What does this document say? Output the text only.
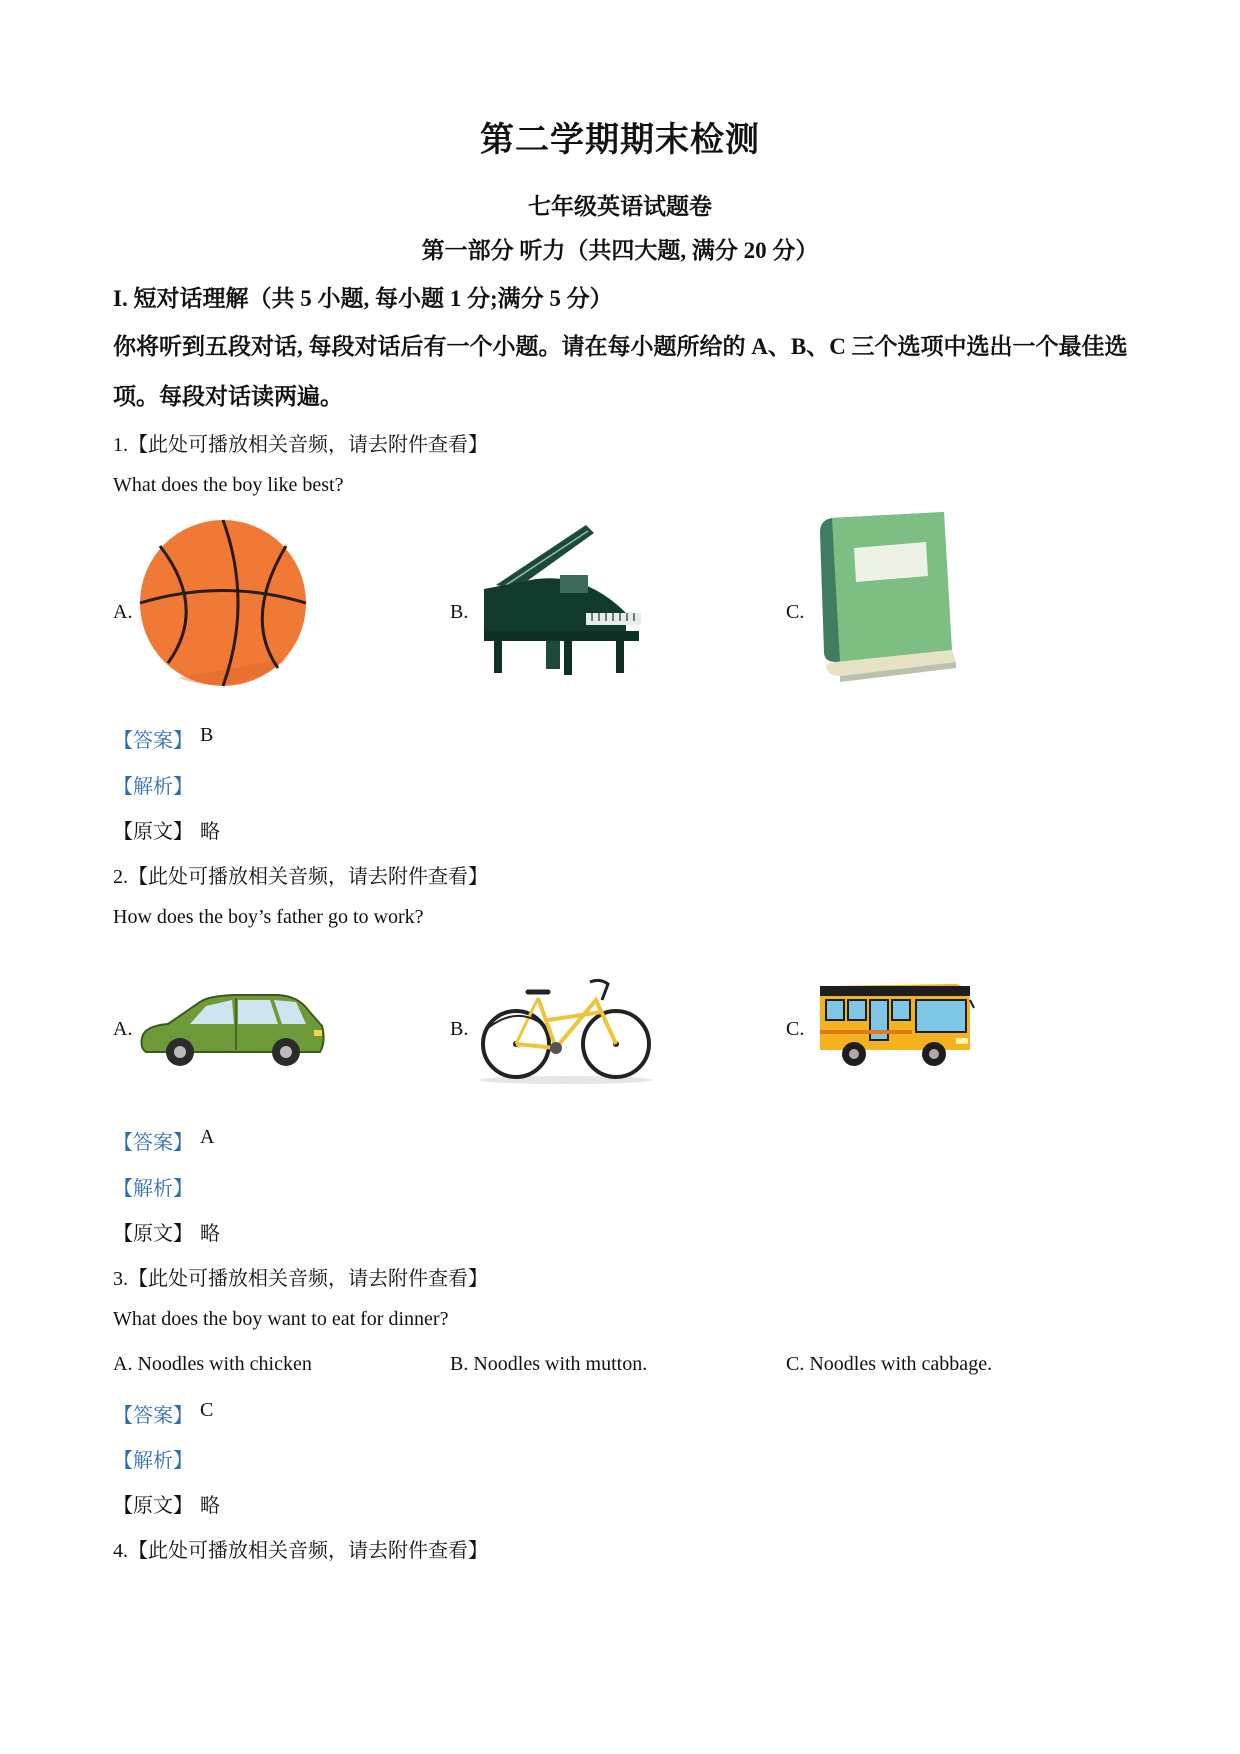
第二学期期末检测
七年级英语试题卷
第一部分 听力（共四大题, 满分 20 分）
I. 短对话理解（共 5 小题, 每小题 1 分;满分 5 分）
你将听到五段对话, 每段对话后有一个小题。请在每小题所给的 A、B、C 三个选项中选出一个最佳选项。每段对话读两遍。
1.【此处可播放相关音频，请去附件查看】
What does the boy like best?
A.	B.	C.
【答案】 B
【解析】
【原文】 略
2.【此处可播放相关音频，请去附件查看】
How does the boy’s father go to work?
A.	B.	C.
【答案】 A
【解析】
【原文】 略
3.【此处可播放相关音频，请去附件查看】
What does the boy want to eat for dinner?
A. Noodles with chicken	B. Noodles with mutton.	C. Noodles with cabbage.
【答案】 C
【解析】
【原文】 略
4.【此处可播放相关音频，请去附件查看】
